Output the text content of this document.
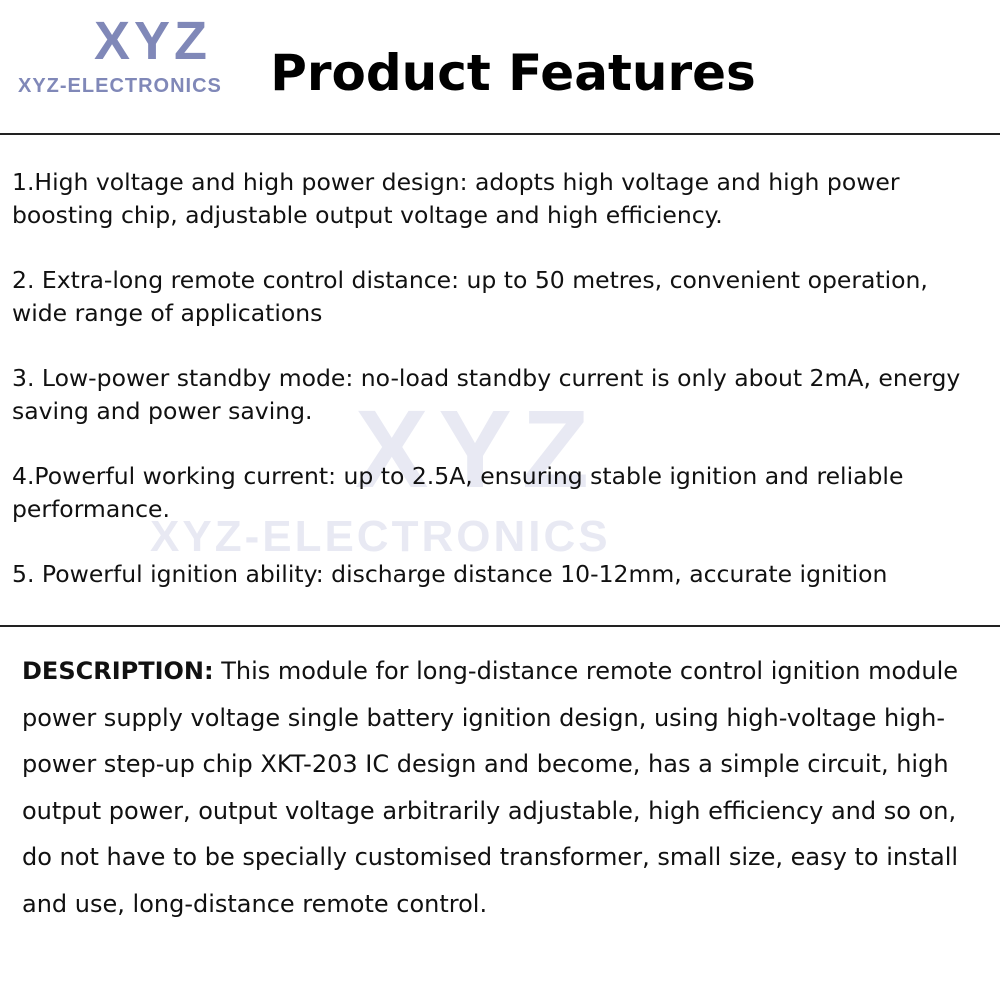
XYZ
XYZ-ELECTRONICS Product Features
XYZ
XYZ-ELECTRONICS

1.High voltage and high power design: adopts high voltage and high power boosting chip, adjustable output voltage and high efficiency.

2. Extra-long remote control distance: up to 50 metres, convenient operation, wide range of applications

3. Low-power standby mode: no-load standby current is only about 2mA, energy saving and power saving.

4.Powerful working current: up to 2.5A, ensuring stable ignition and reliable performance.

5. Powerful ignition ability: discharge distance 10-12mm, accurate ignition

DESCRIPTION: This module for long-distance remote control ignition module power supply voltage single battery ignition design, using high-voltage high-power step-up chip XKT-203 IC design and become, has a simple circuit, high output power, output voltage arbitrarily adjustable, high efficiency and so on, do not have to be specially customised transformer, small size, easy to install and use, long-distance remote control.
